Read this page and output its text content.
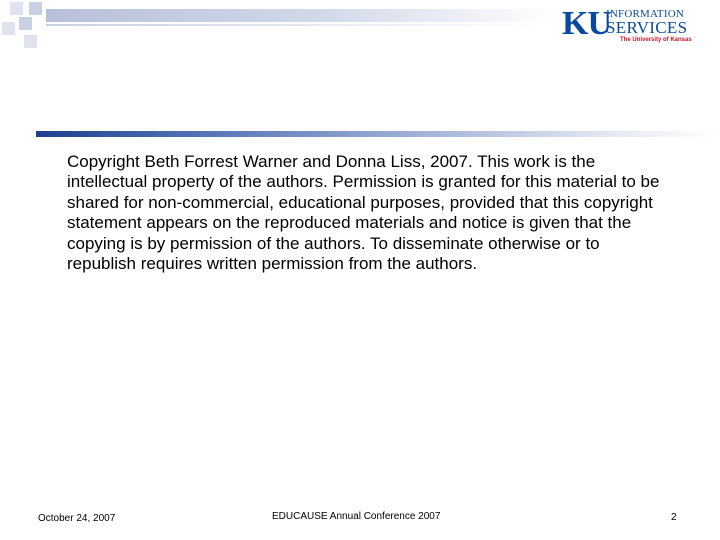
KU
INFORMATION
SERVICES
The University of Kansas

Copyright Beth Forrest Warner and Donna Liss, 2007. This work is the intellectual property of the authors. Permission is granted for this material to be shared for non-commercial, educational purposes, provided that this copyright statement appears on the reproduced materials and notice is given that the copying is by permission of the authors. To disseminate otherwise or to republish requires written permission from the authors.

October 24, 2007	EDUCAUSE Annual Conference 2007	2
